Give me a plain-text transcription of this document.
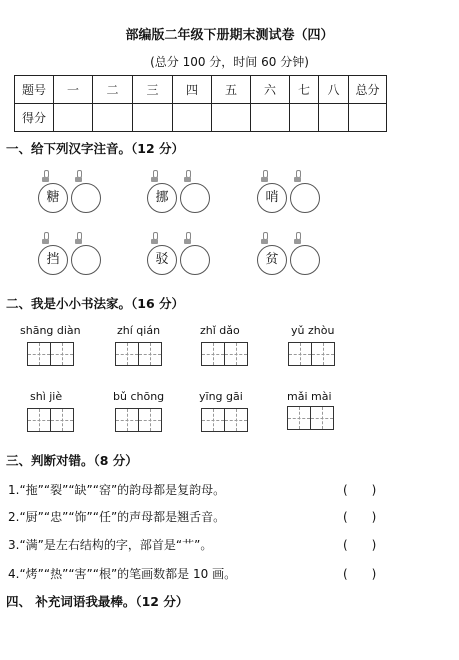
部编版二年级下册期末测试卷（四）
(总分 100 分，时间 60 分钟)
题号	一	二	三	四	五	六	七	八	总分
得分									
一、给下列汉字注音。（12 分）
糖	挪	哨
挡	驳	贫
二、我是小小书法家。（16 分）
shāng diàn	zhí qián	zhǐ dǎo	yǔ zhòu
shì jiè	bǔ chōng	yīng gāi	mǎi mài
三、判断对错。（8 分）
1.“拖”“裂”“缺”“窑”的韵母都是复韵母。	(　　)
2.“厨”“忠”“饰”“任”的声母都是翘舌音。	(　　)
3.“满”是左右结构的字，部首是“艹”。	(　　)
4.“烤”“热”“害”“根”的笔画数都是 10 画。	(　　)
四、 补充词语我最棒。（12 分）
